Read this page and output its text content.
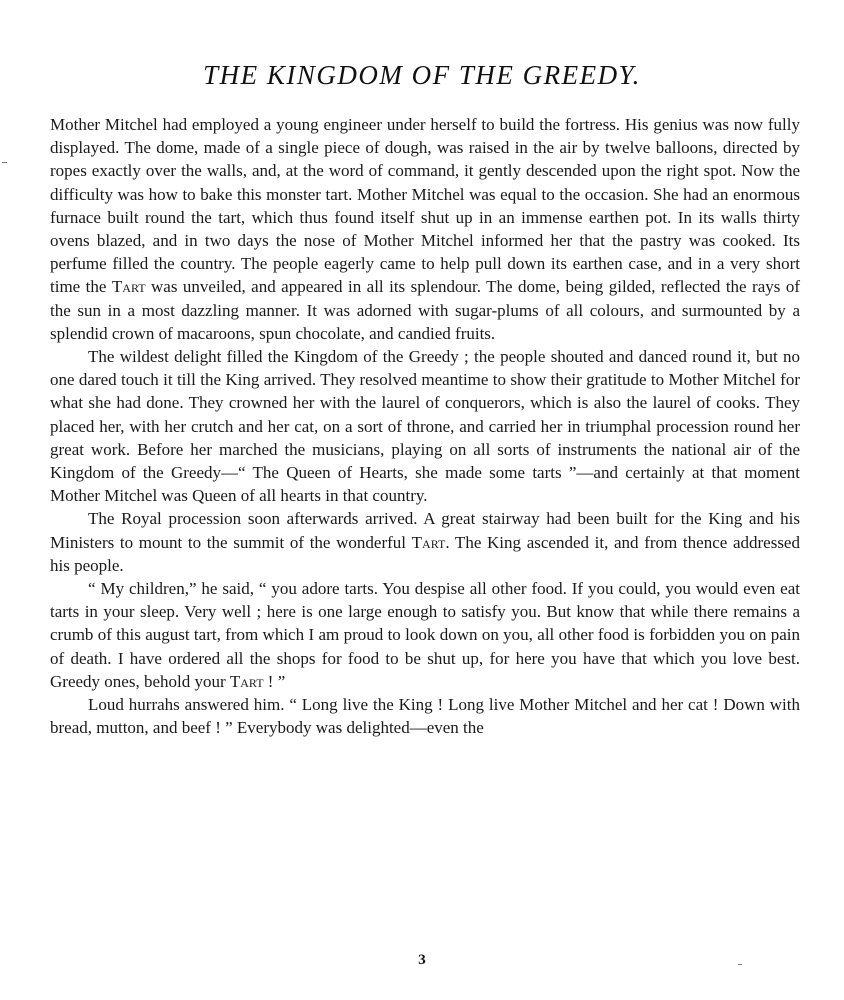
THE KINGDOM OF THE GREEDY.

Mother Mitchel had employed a young engineer under herself to build the fortress. His genius was now fully displayed. The dome, made of a single piece of dough, was raised in the air by twelve balloons, directed by ropes exactly over the walls, and, at the word of command, it gently descended upon the right spot. Now the difficulty was how to bake this monster tart. Mother Mitchel was equal to the occasion. She had an enormous furnace built round the tart, which thus found itself shut up in an immense earthen pot. In its walls thirty ovens blazed, and in two days the nose of Mother Mitchel informed her that the pastry was cooked. Its perfume filled the country. The people eagerly came to help pull down its earthen case, and in a very short time the Tart was unveiled, and appeared in all its splendour. The dome, being gilded, reflected the rays of the sun in a most dazzling manner. It was adorned with sugar-plums of all colours, and surmounted by a splendid crown of macaroons, spun chocolate, and candied fruits.

The wildest delight filled the Kingdom of the Greedy ; the people shouted and danced round it, but no one dared touch it till the King arrived. They resolved meantime to show their gratitude to Mother Mitchel for what she had done. They crowned her with the laurel of conquerors, which is also the laurel of cooks. They placed her, with her crutch and her cat, on a sort of throne, and carried her in triumphal procession round her great work. Before her marched the musicians, playing on all sorts of instruments the national air of the Kingdom of the Greedy—“ The Queen of Hearts, she made some tarts ”—and certainly at that moment Mother Mitchel was Queen of all hearts in that country.

The Royal procession soon afterwards arrived. A great stairway had been built for the King and his Ministers to mount to the summit of the wonderful Tart. The King ascended it, and from thence addressed his people.

“ My children,” he said, “ you adore tarts. You despise all other food. If you could, you would even eat tarts in your sleep. Very well ; here is one large enough to satisfy you. But know that while there remains a crumb of this august tart, from which I am proud to look down on you, all other food is forbidden you on pain of death. I have ordered all the shops for food to be shut up, for here you have that which you love best. Greedy ones, behold your Tart ! ”

Loud hurrahs answered him. “ Long live the King ! Long live Mother Mitchel and her cat ! Down with bread, mutton, and beef ! ” Everybody was delighted—even the

3
